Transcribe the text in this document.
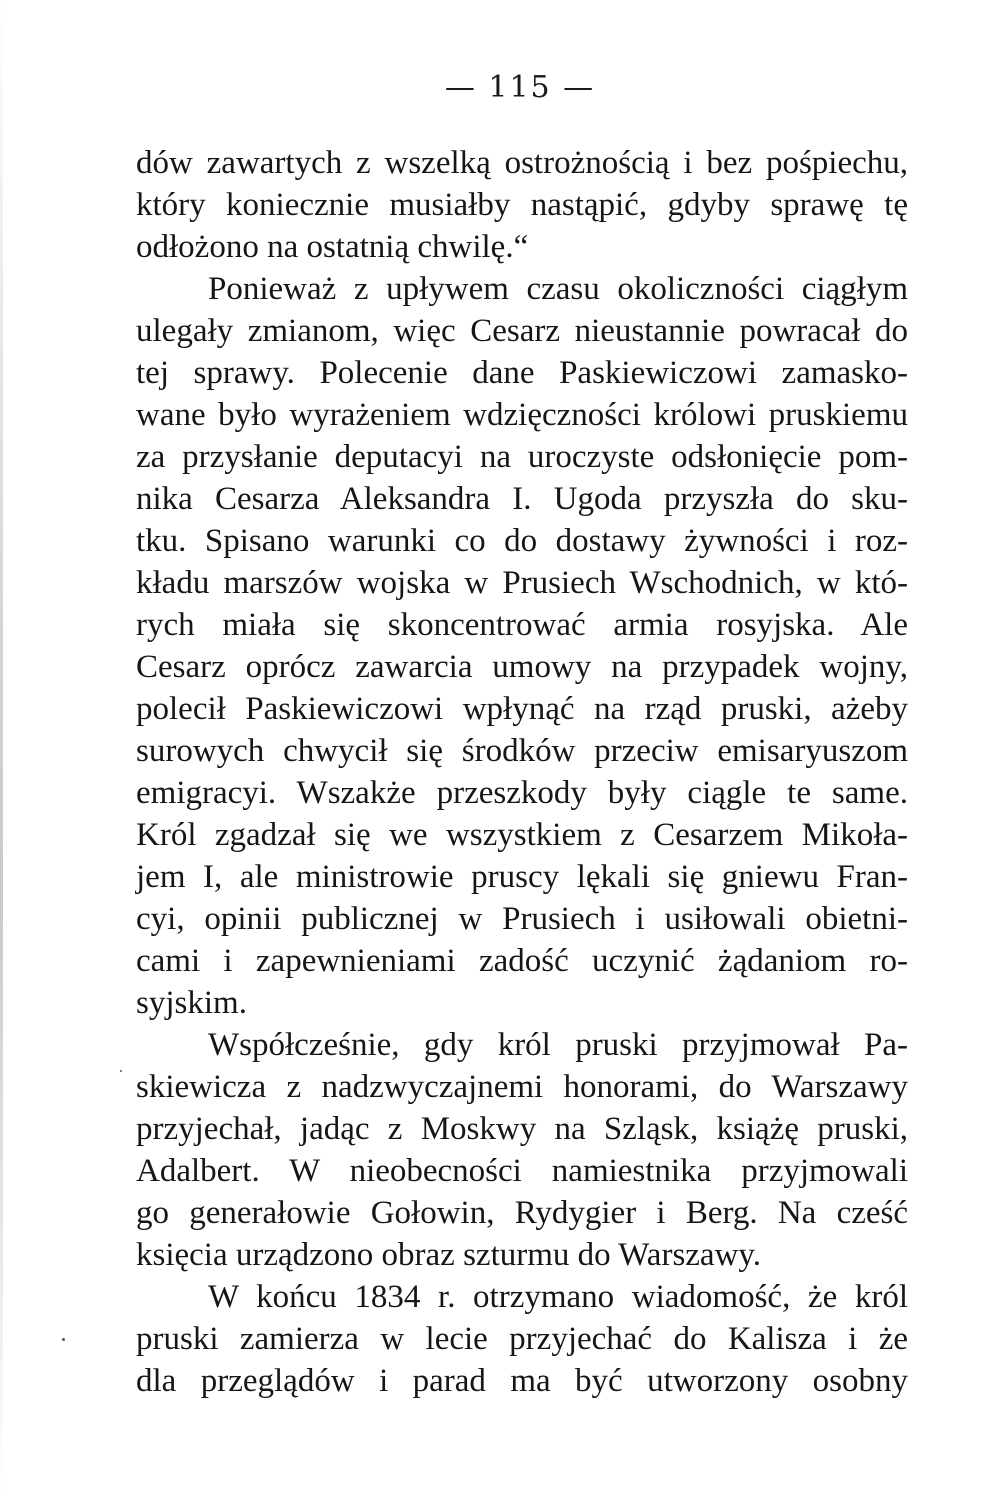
— 115 —
dów zawartych z wszelką ostrożnością i bez pośpiechu,
który koniecznie musiałby nastąpić, gdyby sprawę tę
odłożono na ostatnią chwilę.“
Ponieważ z upływem czasu okoliczności ciągłym
ulegały zmianom, więc Cesarz nieustannie powracał do
tej sprawy. Polecenie dane Paskiewiczowi zamasko-
wane było wyrażeniem wdzięczności królowi pruskiemu
za przysłanie deputacyi na uroczyste odsłonięcie pom-
nika Cesarza Aleksandra I. Ugoda przyszła do sku-
tku. Spisano warunki co do dostawy żywności i roz-
kładu marszów wojska w Prusiech Wschodnich, w któ-
rych miała się skoncentrować armia rosyjska. Ale
Cesarz oprócz zawarcia umowy na przypadek wojny,
polecił Paskiewiczowi wpłynąć na rząd pruski, ażeby
surowych chwycił się środków przeciw emisaryuszom
emigracyi. Wszakże przeszkody były ciągle te same.
Król zgadzał się we wszystkiem z Cesarzem Mikoła-
jem I, ale ministrowie pruscy lękali się gniewu Fran-
cyi, opinii publicznej w Prusiech i usiłowali obietni-
cami i zapewnieniami zadość uczynić żądaniom ro-
syjskim.
Współcześnie, gdy król pruski przyjmował Pa-
skiewicza z nadzwyczajnemi honorami, do Warszawy
przyjechał, jadąc z Moskwy na Szląsk, książę pruski,
Adalbert. W nieobecności namiestnika przyjmowali
go generałowie Gołowin, Rydygier i Berg. Na cześć
księcia urządzono obraz szturmu do Warszawy.
W końcu 1834 r. otrzymano wiadomość, że król
pruski zamierza w lecie przyjechać do Kalisza i że
dla przeglądów i parad ma być utworzony osobny
